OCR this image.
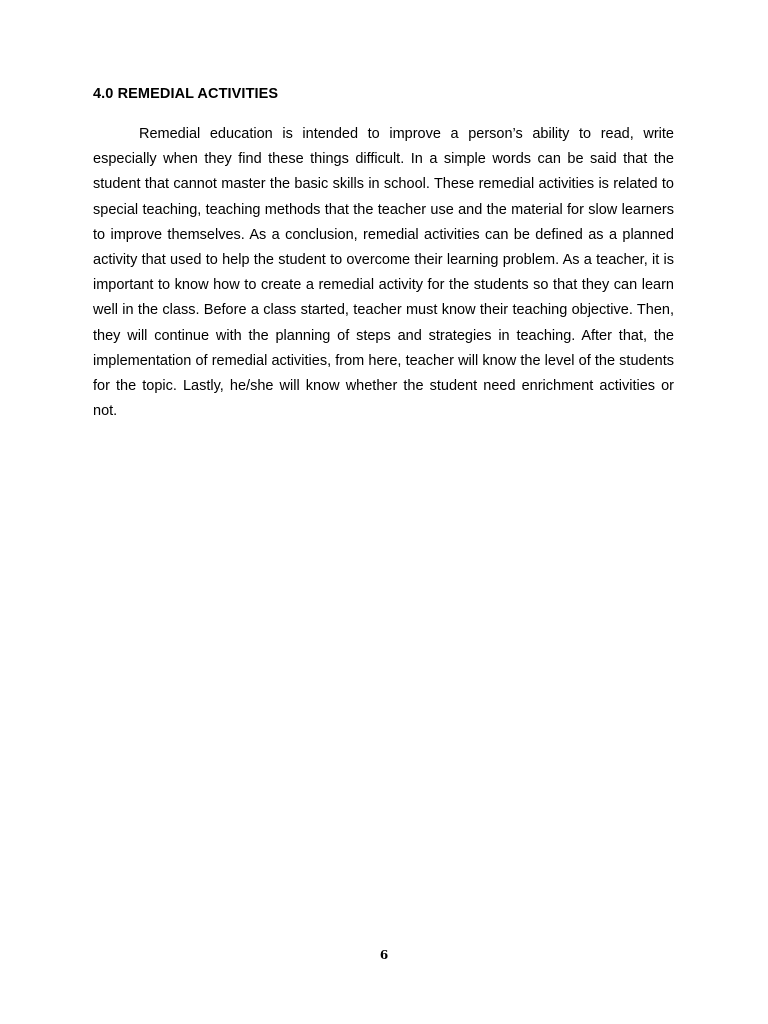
4.0 REMEDIAL ACTIVITIES

Remedial education is intended to improve a person’s ability to read, write especially when they find these things difficult. In a simple words can be said that the student that cannot master the basic skills in school. These remedial activities is related to special teaching, teaching methods that the teacher use and the material for slow learners to improve themselves. As a conclusion, remedial activities can be defined as a planned activity that used to help the student to overcome their learning problem. As a teacher, it is important to know how to create a remedial activity for the students so that they can learn well in the class. Before a class started, teacher must know their teaching objective. Then, they will continue with the planning of steps and strategies in teaching. After that, the implementation of remedial activities, from here, teacher will know the level of the students for the topic. Lastly, he/she will know whether the student need enrichment activities or not.

6
